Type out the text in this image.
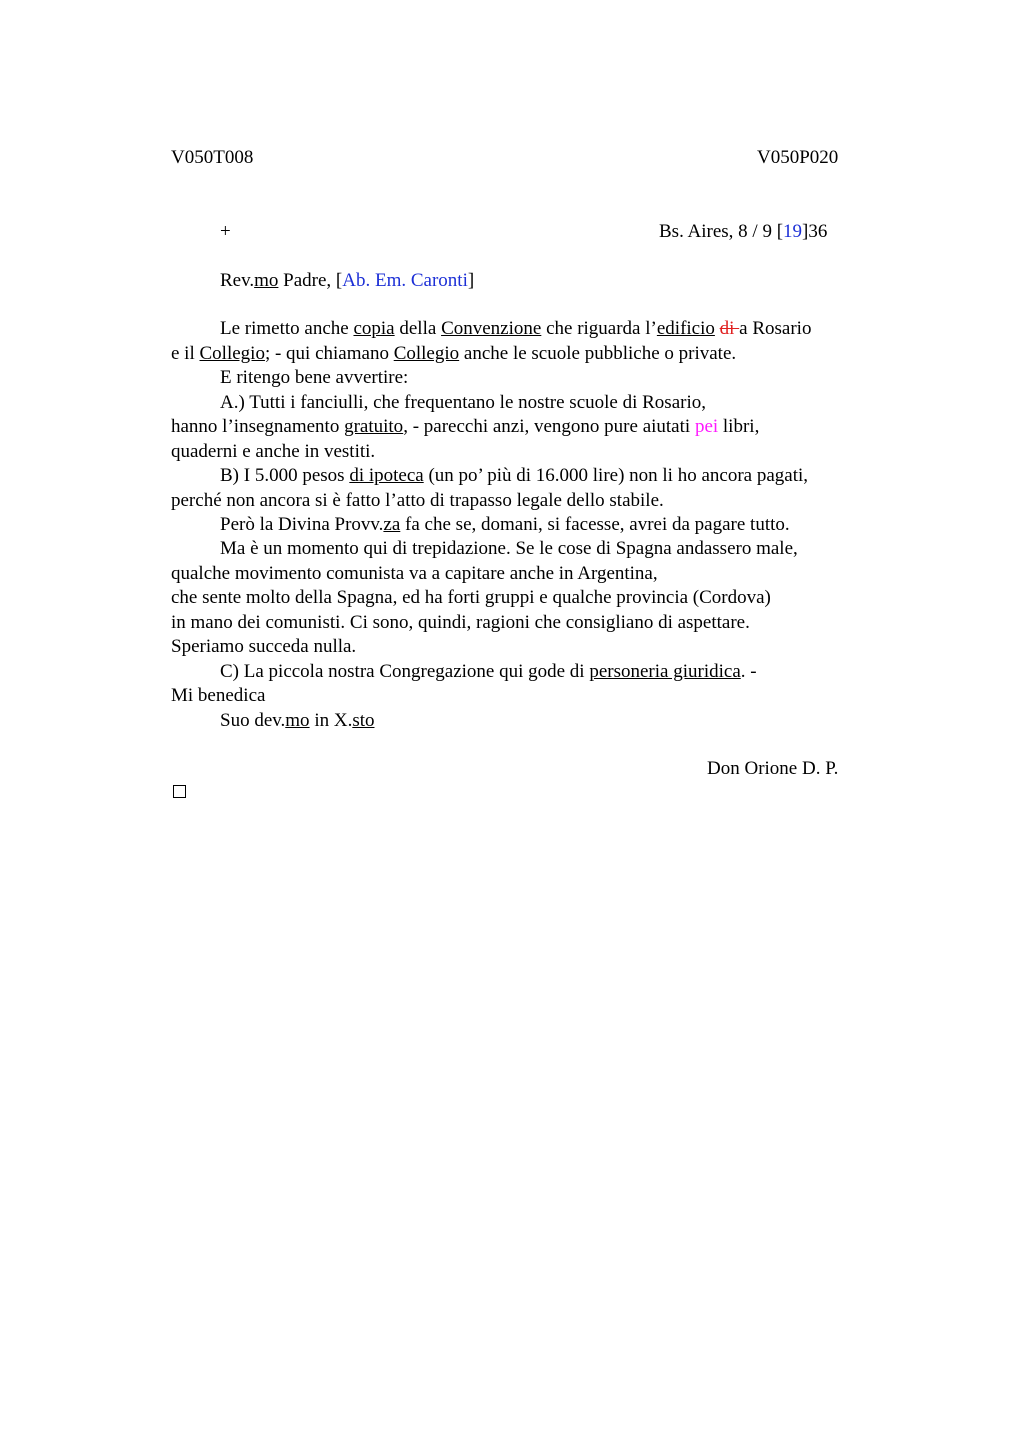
V050T008	V050P020
+	Bs. Aires, 8 / 9 [19]36
Rev.mo Padre, [Ab. Em. Caronti]
Le rimetto anche copia della Convenzione che riguarda l’edificio di a Rosario
e il Collegio; - qui chiamano Collegio anche le scuole pubbliche o private.
E ritengo bene avvertire:
A.) Tutti i fanciulli, che frequentano le nostre scuole di Rosario,
hanno l’insegnamento gratuito, - parecchi anzi, vengono pure aiutati pei libri,
quaderni e anche in vestiti.
B) I 5.000 pesos di ipoteca (un po’ più di 16.000 lire) non li ho ancora pagati,
perché non ancora si è fatto l’atto di trapasso legale dello stabile.
Però la Divina Provv.za fa che se, domani, si facesse, avrei da pagare tutto.
Ma è un momento qui di trepidazione. Se le cose di Spagna andassero male,
qualche movimento comunista va a capitare anche in Argentina,
che sente molto della Spagna, ed ha forti gruppi e qualche provincia (Cordova)
in mano dei comunisti. Ci sono, quindi, ragioni che consigliano di aspettare.
Speriamo succeda nulla.
C) La piccola nostra Congregazione qui gode di personeria giuridica. -
Mi benedica
Suo dev.mo in X.sto
Don Orione D. P.
